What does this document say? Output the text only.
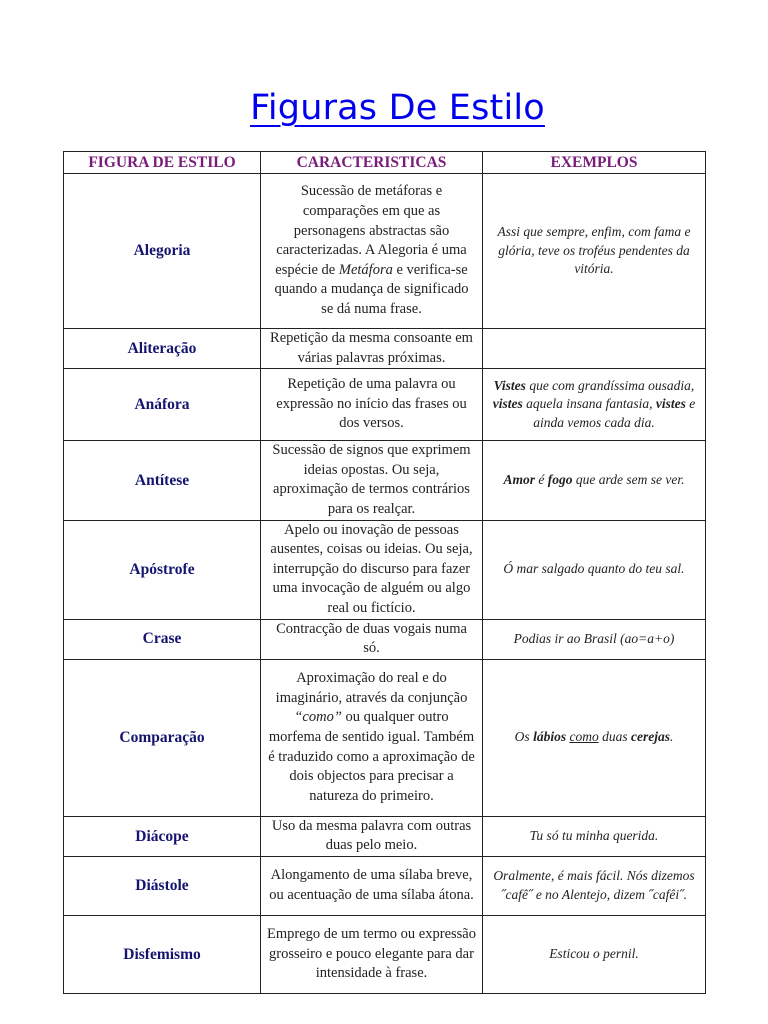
Figuras De Estilo
FIGURA DE ESTILO	CARACTERISTICAS	EXEMPLOS
Alegoria	Sucessão de metáforas e comparações em que as personagens abstractas são caracterizadas. A Alegoria é uma espécie de Metáfora e verifica-se quando a mudança de significado se dá numa frase.	Assi que sempre, enfim, com fama e glória, teve os troféus pendentes da vitória.
Aliteração	Repetição da mesma consoante em várias palavras próximas.	
Anáfora	Repetição de uma palavra ou expressão no início das frases ou dos versos.	Vistes que com grandíssima ousadia, vistes aquela insana fantasia, vistes e ainda vemos cada dia.
Antítese	Sucessão de signos que exprimem ideias opostas. Ou seja, aproximação de termos contrários para os realçar.	Amor é fogo que arde sem se ver.
Apóstrofe	Apelo ou inovação de pessoas ausentes, coisas ou ideias. Ou seja, interrupção do discurso para fazer uma invocação de alguém ou algo real ou fictício.	Ó mar salgado quanto do teu sal.
Crase	Contracção de duas vogais numa só.	Podias ir ao Brasil (ao=a+o)
Comparação	Aproximação do real e do imaginário, através da conjunção “como” ou qualquer outro morfema de sentido igual. Também é traduzido como a aproximação de dois objectos para precisar a natureza do primeiro.	Os lábios como duas cerejas.
Diácope	Uso da mesma palavra com outras duas pelo meio.	Tu só tu minha querida.
Diástole	Alongamento de uma sílaba breve, ou acentuação de uma sílaba átona.	Oralmente, é mais fácil. Nós dizemos ˝cafê˝ e no Alentejo, dizem ˝cafêi˝.
Disfemismo	Emprego de um termo ou expressão grosseiro e pouco elegante para dar intensidade à frase.	Esticou o pernil.
